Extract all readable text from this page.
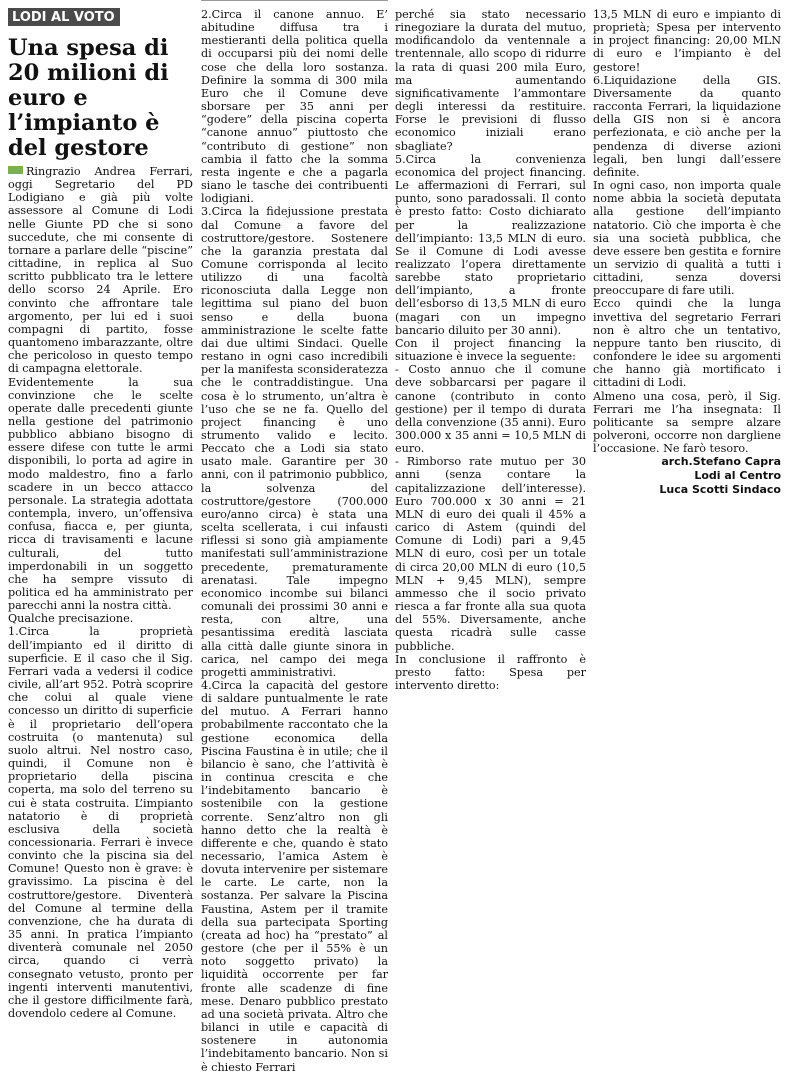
LODI AL VOTO
Una spesa di 20 milioni di euro e l’impianto è del gestore

Ringrazio Andrea Ferrari, oggi Segretario del PD Lodigiano e già più volte assessore al Comune di Lodi nelle Giunte PD che si sono succedute, che mi consente di tornare a parlare delle “piscine” cittadine, in replica al Suo scritto pubblicato tra le lettere dello scorso 24 Aprile. Ero convinto che affrontare tale argomento, per lui ed i suoi compagni di partito, fosse quantomeno imbarazzante, oltre che pericoloso in questo tempo di campagna elettorale.

Evidentemente la sua convinzione che le scelte operate dalle precedenti giunte nella gestione del patrimonio pubblico abbiano bisogno di essere difese con tutte le armi disponibili, lo porta ad agire in modo maldestro, fino a farlo scadere in un becco attacco personale. La strategia adottata contempla, invero, un’offensiva confusa, fiacca e, per giunta, ricca di travisamenti e lacune culturali, del tutto imperdonabili in un soggetto che ha sempre vissuto di politica ed ha amministrato per parecchi anni la nostra città.

Qualche precisazione.

1.Circa la proprietà dell’impianto ed il diritto di superficie. E il caso che il Sig. Ferrari vada a vedersi il codice civile, all’art 952. Potrà scoprire che colui al quale viene concesso un diritto di superficie è il proprietario dell’opera costruita (o mantenuta) sul suolo altrui. Nel nostro caso, quindi, il Comune non è proprietario della piscina coperta, ma solo del terreno su cui è stata costruita. L’impianto natatorio è di proprietà esclusiva della società concessionaria. Ferrari è invece convinto che la piscina sia del Comune! Questo non è grave: è gravissimo. La piscina è del costruttore/gestore. Diventerà del Comune al termine della convenzione, che ha durata di 35 anni. In pratica l’impianto diventerà comunale nel 2050 circa, quando ci verrà consegnato vetusto, pronto per ingenti interventi manutentivi, che il gestore difficilmente farà, dovendolo cedere al Comune.

2.Circa il canone annuo. E’ abitudine diffusa tra i mestieranti della politica quella di occuparsi più dei nomi delle cose che della loro sostanza. Definire la somma di 300 mila Euro che il Comune deve sborsare per 35 anni per “godere” della piscina coperta “canone annuo” piuttosto che “contributo di gestione” non cambia il fatto che la somma resta ingente e che a pagarla siano le tasche dei contribuenti lodigiani.

3.Circa la fidejussione prestata dal Comune a favore del costruttore/gestore. Sostenere che la garanzia prestata dal Comune corrisponda al lecito utilizzo di una facoltà riconosciuta dalla Legge non legittima sul piano del buon senso e della buona amministrazione le scelte fatte dai due ultimi Sindaci. Quelle restano in ogni caso incredibili per la manifesta sconsideratezza che le contraddistingue. Una cosa è lo strumento, un’altra è l’uso che se ne fa. Quello del project financing è uno strumento valido e lecito. Peccato che a Lodi sia stato usato male. Garantire per 30 anni, con il patrimonio pubblico, la solvenza del costruttore/gestore (700.000 euro/anno circa) è stata una scelta scellerata, i cui infausti riflessi si sono già ampiamente manifestati sull’amministrazione precedente, prematuramente arenatasi. Tale impegno economico incombe sui bilanci comunali dei prossimi 30 anni e resta, con altre, una pesantissima eredità lasciata alla città dalle giunte sinora in carica, nel campo dei mega progetti amministrativi.

4.Circa la capacità del gestore di saldare puntualmente le rate del mutuo. A Ferrari hanno probabilmente raccontato che la gestione economica della Piscina Faustina è in utile; che il bilancio è sano, che l’attività è in continua crescita e che l’indebitamento bancario è sostenibile con la gestione corrente. Senz’altro non gli hanno detto che la realtà è differente e che, quando è stato necessario, l’amica Astem è dovuta intervenire per sistemare le carte. Le carte, non la sostanza. Per salvare la Piscina Faustina, Astem per il tramite della sua partecipata Sporting (creata ad hoc) ha “prestato” al gestore (che per il 55% è un noto soggetto privato) la liquidità occorrente per far fronte alle scadenze di fine mese. Denaro pubblico prestato ad una società privata. Altro che bilanci in utile e capacità di sostenere in autonomia l’indebitamento bancario. Non si è chiesto Ferrari

perché sia stato necessario rinegoziare la durata del mutuo, modificandolo da ventennale a trentennale, allo scopo di ridurre la rata di quasi 200 mila Euro, ma aumentando significativamente l’ammontare degli interessi da restituire. Forse le previsioni di flusso economico iniziali erano sbagliate?

5.Circa la convenienza economica del project financing. Le affermazioni di Ferrari, sul punto, sono paradossali. Il conto è presto fatto: Costo dichiarato per la realizzazione dell’impianto: 13,5 MLN di euro. Se il Comune di Lodi avesse realizzato l’opera direttamente sarebbe stato proprietario dell’impianto, a fronte dell’esborso di 13,5 MLN di euro (magari con un impegno bancario diluito per 30 anni).

Con il project financing la situazione è invece la seguente:

- Costo annuo che il comune deve sobbarcarsi per pagare il canone (contributo in conto gestione) per il tempo di durata della convenzione (35 anni). Euro 300.000 x 35 anni = 10,5 MLN di euro.

- Rimborso rate mutuo per 30 anni (senza contare la capitalizzazione dell’interesse). Euro 700.000 x 30 anni = 21 MLN di euro dei quali il 45% a carico di Astem (quindi del Comune di Lodi) pari a 9,45 MLN di euro, così per un totale di circa 20,00 MLN di euro (10,5 MLN + 9,45 MLN), sempre ammesso che il socio privato riesca a far fronte alla sua quota del 55%. Diversamente, anche questa ricadrà sulle casse pubbliche.

In conclusione il raffronto è presto fatto: Spesa per intervento diretto:

13,5 MLN di euro e impianto di proprietà; Spesa per intervento in project financing: 20,00 MLN di euro e l’impianto è del gestore!

6.Liquidazione della GIS. Diversamente da quanto racconta Ferrari, la liquidazione della GIS non si è ancora perfezionata, e ciò anche per la pendenza di diverse azioni legali, ben lungi dall’essere definite.

In ogni caso, non importa quale nome abbia la società deputata alla gestione dell’impianto natatorio. Ciò che importa è che sia una società pubblica, che deve essere ben gestita e fornire un servizio di qualità a tutti i cittadini, senza doversi preoccupare di fare utili.

Ecco quindi che la lunga invettiva del segretario Ferrari non è altro che un tentativo, neppure tanto ben riuscito, di confondere le idee su argomenti che hanno già mortificato i cittadini di Lodi.

Almeno una cosa, però, il Sig. Ferrari me l’ha insegnata: Il politicante sa sempre alzare polveroni, occorre non dargliene l’occasione. Ne farò tesoro.

arch.Stefano Capra
Lodi al Centro
Luca Scotti Sindaco
